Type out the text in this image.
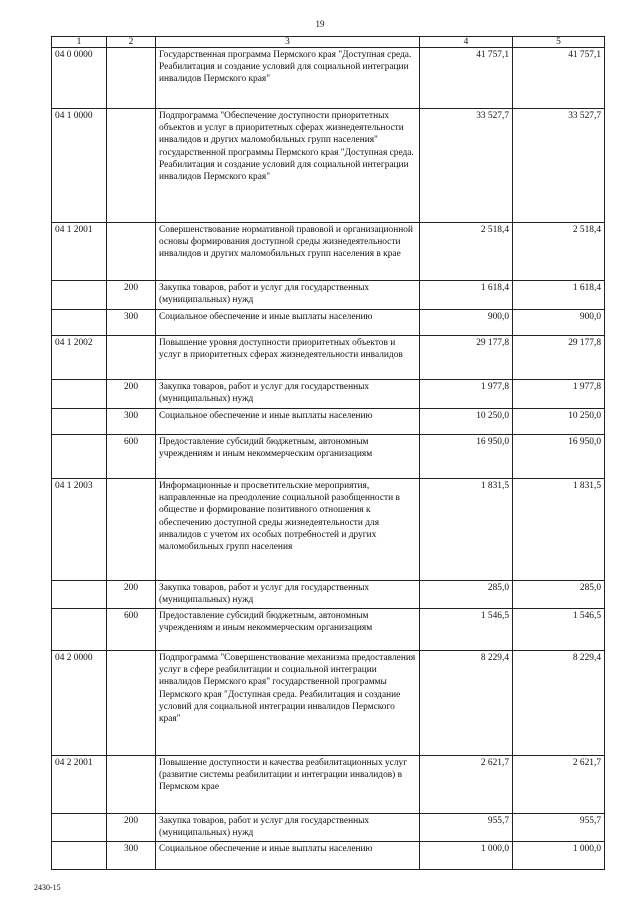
19
1	2	3	4	5
04 0 0000		Государственная программа Пермского края "Доступная среда. Реабилитация и создание условий для социальной интеграции инвалидов Пермского края"	41 757,1	41 757,1
04 1 0000		Подпрограмма "Обеспечение доступности приоритетных объектов и услуг в приоритетных сферах жизнедеятельности инвалидов и других маломобильных групп населения" государственной программы Пермского края "Доступная среда. Реабилитация и создание условий для социальной интеграции инвалидов Пермского края"	33 527,7	33 527,7
04 1 2001		Совершенствование нормативной правовой и организационной основы формирования доступной среды жизнедеятельности инвалидов и других маломобильных групп населения в крае	2 518,4	2 518,4
	200	Закупка товаров, работ и услуг для государственных (муниципальных) нужд	1 618,4	1 618,4
	300	Социальное обеспечение и иные выплаты населению	900,0	900,0
04 1 2002		Повышение уровня доступности приоритетных объектов и услуг в приоритетных сферах жизнедеятельности инвалидов	29 177,8	29 177,8
	200	Закупка товаров, работ и услуг для государственных (муниципальных) нужд	1 977,8	1 977,8
	300	Социальное обеспечение и иные выплаты населению	10 250,0	10 250,0
	600	Предоставление субсидий бюджетным, автономным учреждениям и иным некоммерческим организациям	16 950,0	16 950,0
04 1 2003		Информационные и просветительские мероприятия, направленные на преодоление социальной разобщенности в обществе и формирование позитивного отношения к обеспечению доступной среды жизнедеятельности для инвалидов с учетом их особых потребностей и других маломобильных групп населения	1 831,5	1 831,5
	200	Закупка товаров, работ и услуг для государственных (муниципальных) нужд	285,0	285,0
	600	Предоставление субсидий бюджетным, автономным учреждениям и иным некоммерческим организациям	1 546,5	1 546,5
04 2 0000		Подпрограмма "Совершенствование механизма предоставления услуг в сфере реабилитации и социальной интеграции инвалидов Пермского края" государственной программы Пермского края "Доступная среда. Реабилитация и создание условий для социальной интеграции инвалидов Пермского края"	8 229,4	8 229,4
04 2 2001		Повышение доступности и качества реабилитационных услуг (развитие системы реабилитации и интеграции инвалидов) в Пермском крае	2 621,7	2 621,7
	200	Закупка товаров, работ и услуг для государственных (муниципальных) нужд	955,7	955,7
	300	Социальное обеспечение и иные выплаты населению	1 000,0	1 000,0
2430-15
